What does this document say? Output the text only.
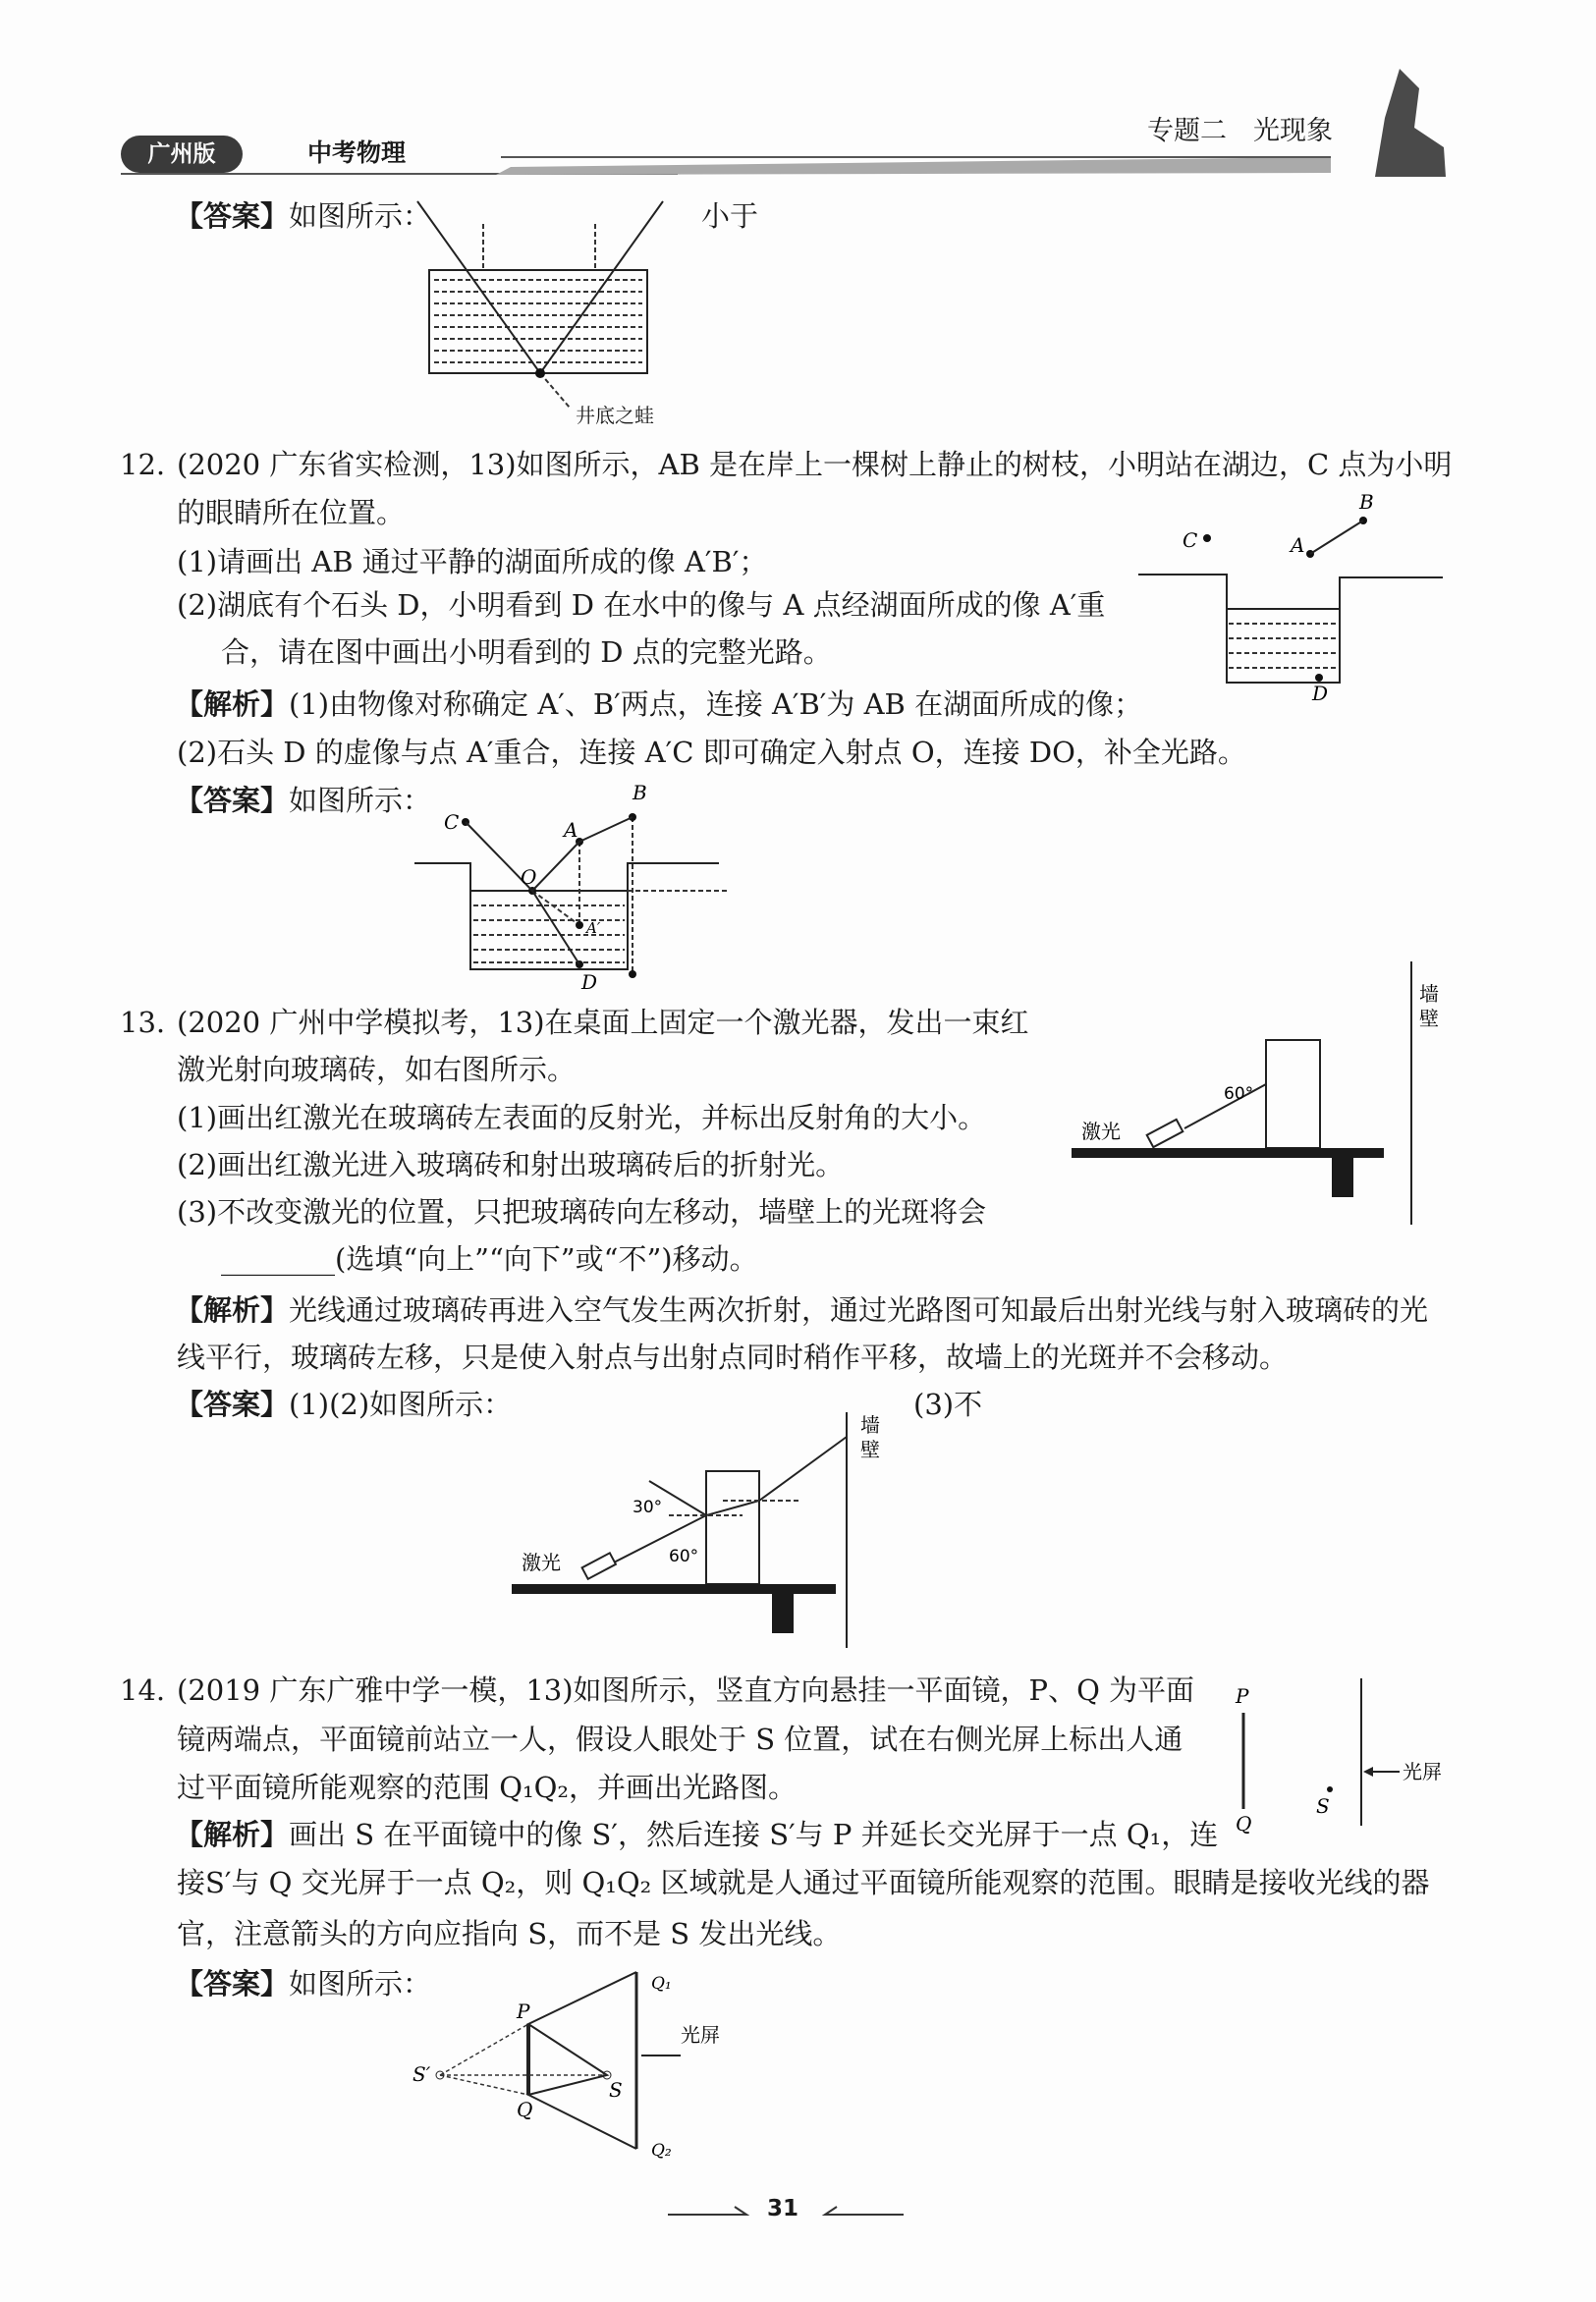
广州版	中考物理
专题二　光现象
【答案】如图所示：	小于
井底之蛙
12. (2020 广东省实检测，13)如图所示，AB 是在岸上一棵树上静止的树枝，小明站在湖边，C 点为小明
的眼睛所在位置。
(1)请画出 AB 通过平静的湖面所成的像 A′B′；
(2)湖底有个石头 D，小明看到 D 在水中的像与 A 点经湖面所成的像 A′重
合，请在图中画出小明看到的 D 点的完整光路。
【解析】(1)由物像对称确定 A′、B′两点，连接 A′B′为 AB 在湖面所成的像；
(2)石头 D 的虚像与点 A′重合，连接 A′C 即可确定入射点 O，连接 DO，补全光路。
【答案】如图所示：
C	A
B
D
C	A
B
O
A′
D
13. (2020 广州中学模拟考，13)在桌面上固定一个激光器，发出一束红
激光射向玻璃砖，如右图所示。
(1)画出红激光在玻璃砖左表面的反射光，并标出反射角的大小。
(2)画出红激光进入玻璃砖和射出玻璃砖后的折射光。
(3)不改变激光的位置，只把玻璃砖向左移动，墙壁上的光斑将会
________(选填“向上”“向下”或“不”)移动。
【解析】光线通过玻璃砖再进入空气发生两次折射，通过光路图可知最后出射光线与射入玻璃砖的光
线平行，玻璃砖左移，只是使入射点与出射点同时稍作平移，故墙上的光斑并不会移动。
【答案】(1)(2)如图所示：	(3)不
墙
壁
激光
60°
墙
壁
激光	60°
30°
14. (2019 广东广雅中学一模，13)如图所示，竖直方向悬挂一平面镜，P、Q 为平面
镜两端点，平面镜前站立一人，假设人眼处于 S 位置，试在右侧光屏上标出人通
过平面镜所能观察的范围 Q₁Q₂，并画出光路图。
【解析】画出 S 在平面镜中的像 S′，然后连接 S′与 P 并延长交光屏于一点 Q₁，连
接S′与 Q 交光屏于一点 Q₂，则 Q₁Q₂ 区域就是人通过平面镜所能观察的范围。眼睛是接收光线的器
官，注意箭头的方向应指向 S，而不是 S 发出光线。
【答案】如图所示：
P
Q
S
光屏
P
Q
S
S′
Q₁
Q₂
光屏
31
